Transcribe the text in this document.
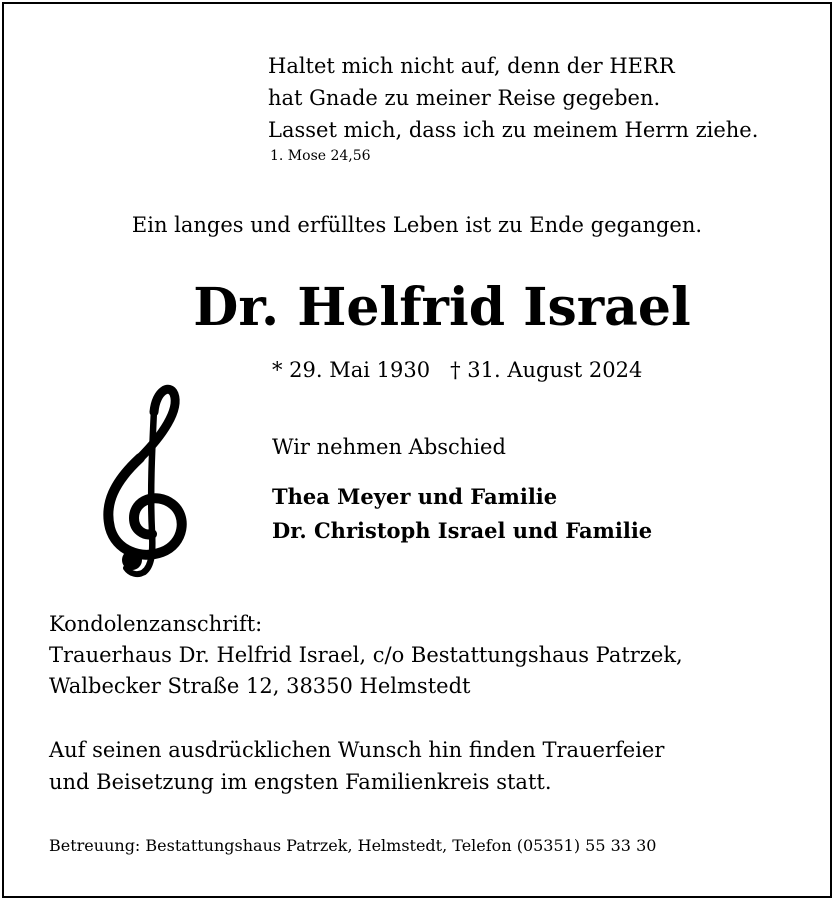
Haltet mich nicht auf, denn der HERR
hat Gnade zu meiner Reise gegeben.
Lasset mich, dass ich zu meinem Herrn ziehe.
1. Mose 24,56
Ein langes und erfülltes Leben ist zu Ende gegangen.
Dr. Helfrid Israel
* 29. Mai 1930 † 31. August 2024
Wir nehmen Abschied
Thea Meyer und Familie
Dr. Christoph Israel und Familie
Kondolenzanschrift:
Trauerhaus Dr. Helfrid Israel, c/o Bestattungshaus Patrzek,
Walbecker Straße 12, 38350 Helmstedt
Auf seinen ausdrücklichen Wunsch hin finden Trauerfeier
und Beisetzung im engsten Familienkreis statt.
Betreuung: Bestattungshaus Patrzek, Helmstedt, Telefon (05351) 55 33 30
